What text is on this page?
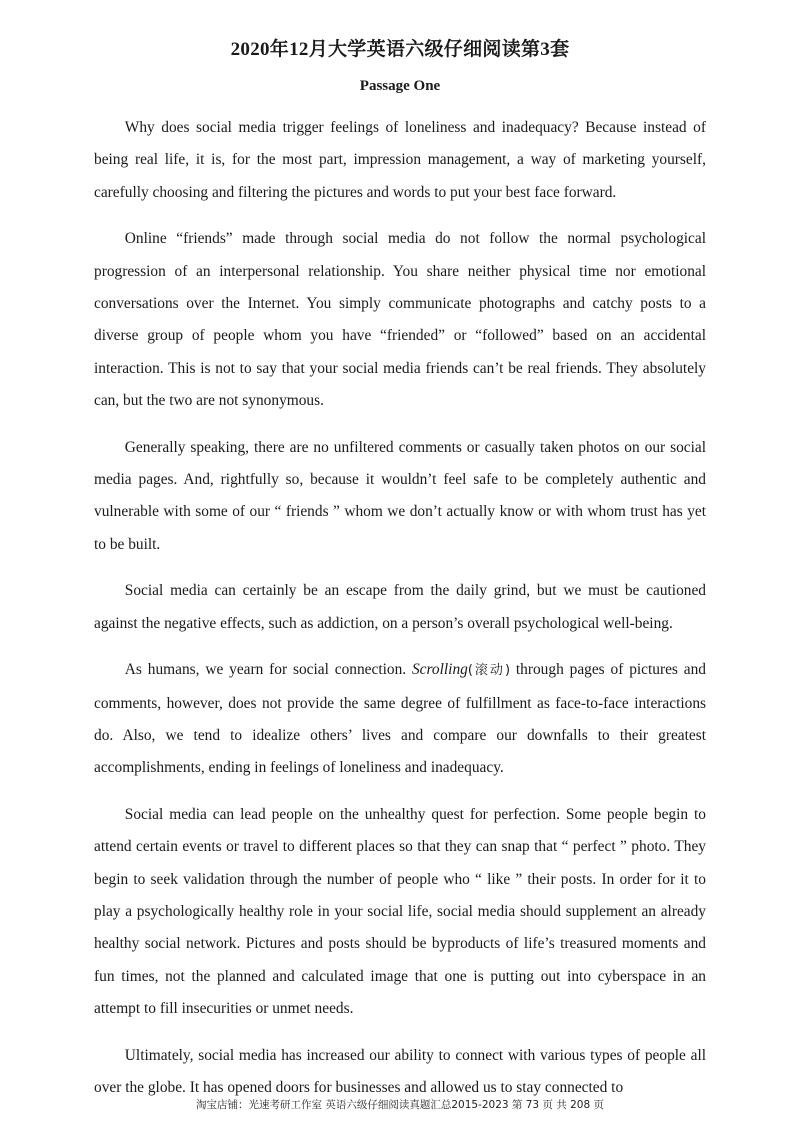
2020年12月大学英语六级仔细阅读第3套
Passage One

Why does social media trigger feelings of loneliness and inadequacy? Because instead of being real life, it is, for the most part, impression management, a way of marketing yourself, carefully choosing and filtering the pictures and words to put your best face forward.

Online “friends” made through social media do not follow the normal psychological progression of an interpersonal relationship. You share neither physical time nor emotional conversations over the Internet. You simply communicate photographs and catchy posts to a diverse group of people whom you have “friended” or “followed” based on an accidental interaction. This is not to say that your social media friends can’t be real friends. They absolutely can, but the two are not synonymous.

Generally speaking, there are no unfiltered comments or casually taken photos on our social media pages. And, rightfully so, because it wouldn’t feel safe to be completely authentic and vulnerable with some of our “ friends ” whom we don’t actually know or with whom trust has yet to be built.

Social media can certainly be an escape from the daily grind, but we must be cautioned against the negative effects, such as addiction, on a person’s overall psychological well-being.

As humans, we yearn for social connection. Scrolling(滚动) through pages of pictures and comments, however, does not provide the same degree of fulfillment as face-to-face interactions do. Also, we tend to idealize others’ lives and compare our downfalls to their greatest accomplishments, ending in feelings of loneliness and inadequacy.

Social media can lead people on the unhealthy quest for perfection. Some people begin to attend certain events or travel to different places so that they can snap that “ perfect ” photo. They begin to seek validation through the number of people who “ like ” their posts. In order for it to play a psychologically healthy role in your social life, social media should supplement an already healthy social network. Pictures and posts should be byproducts of life’s treasured moments and fun times, not the planned and calculated image that one is putting out into cyberspace in an attempt to fill insecurities or unmet needs.

Ultimately, social media has increased our ability to connect with various types of people all over the globe. It has opened doors for businesses and allowed us to stay connected to

淘宝店铺：光速考研工作室 英语六级仔细阅读真题汇总2015-2023 第 73 页 共 208 页
